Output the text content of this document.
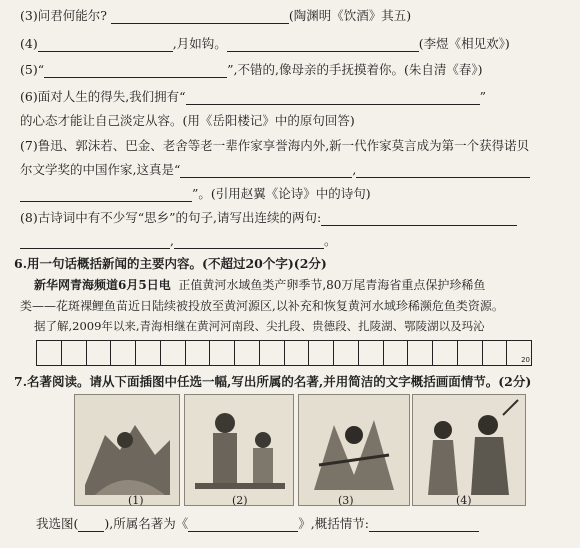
(3)问君何能尔?	(陶渊明《饮酒》其五)
(4)	,月如钩。	(李煜《相见欢》)
(5)“	”,不错的,像母亲的手抚摸着你。(朱自清《春》)
(6)面对人生的得失,我们拥有“	”
的心态才能让自己淡定从容。(用《岳阳楼记》中的原句回答)
(7)鲁迅、郭沫若、巴金、老舍等老一辈作家享誉海内外,新一代作家莫言成为第一个获得诺贝
尔文学奖的中国作家,这真是“	,
”。(引用赵翼《论诗》中的诗句)
(8)古诗词中有不少写“思乡”的句子,请写出连续的两句:
,	。
6.用一句话概括新闻的主要内容。(不超过20个字)(2分)
新华网青海频道6月5日电 正值黄河水域鱼类产卵季节,80万尾青海省重点保护珍稀鱼
类——花斑裸鲤鱼苗近日陆续被投放至黄河源区,以补充和恢复黄河水域珍稀濒危鱼类资源。
据了解,2009年以来,青海相继在黄河河南段、尖扎段、贵德段、扎陵湖、鄂陵湖以及玛沁
20
7.名著阅读。请从下面插图中任选一幅,写出所属的名著,并用简洁的文字概括画面情节。(2分)
(1)	(2)	(3)	(4)
我选图( ),所属名著为《	》,概括情节:
